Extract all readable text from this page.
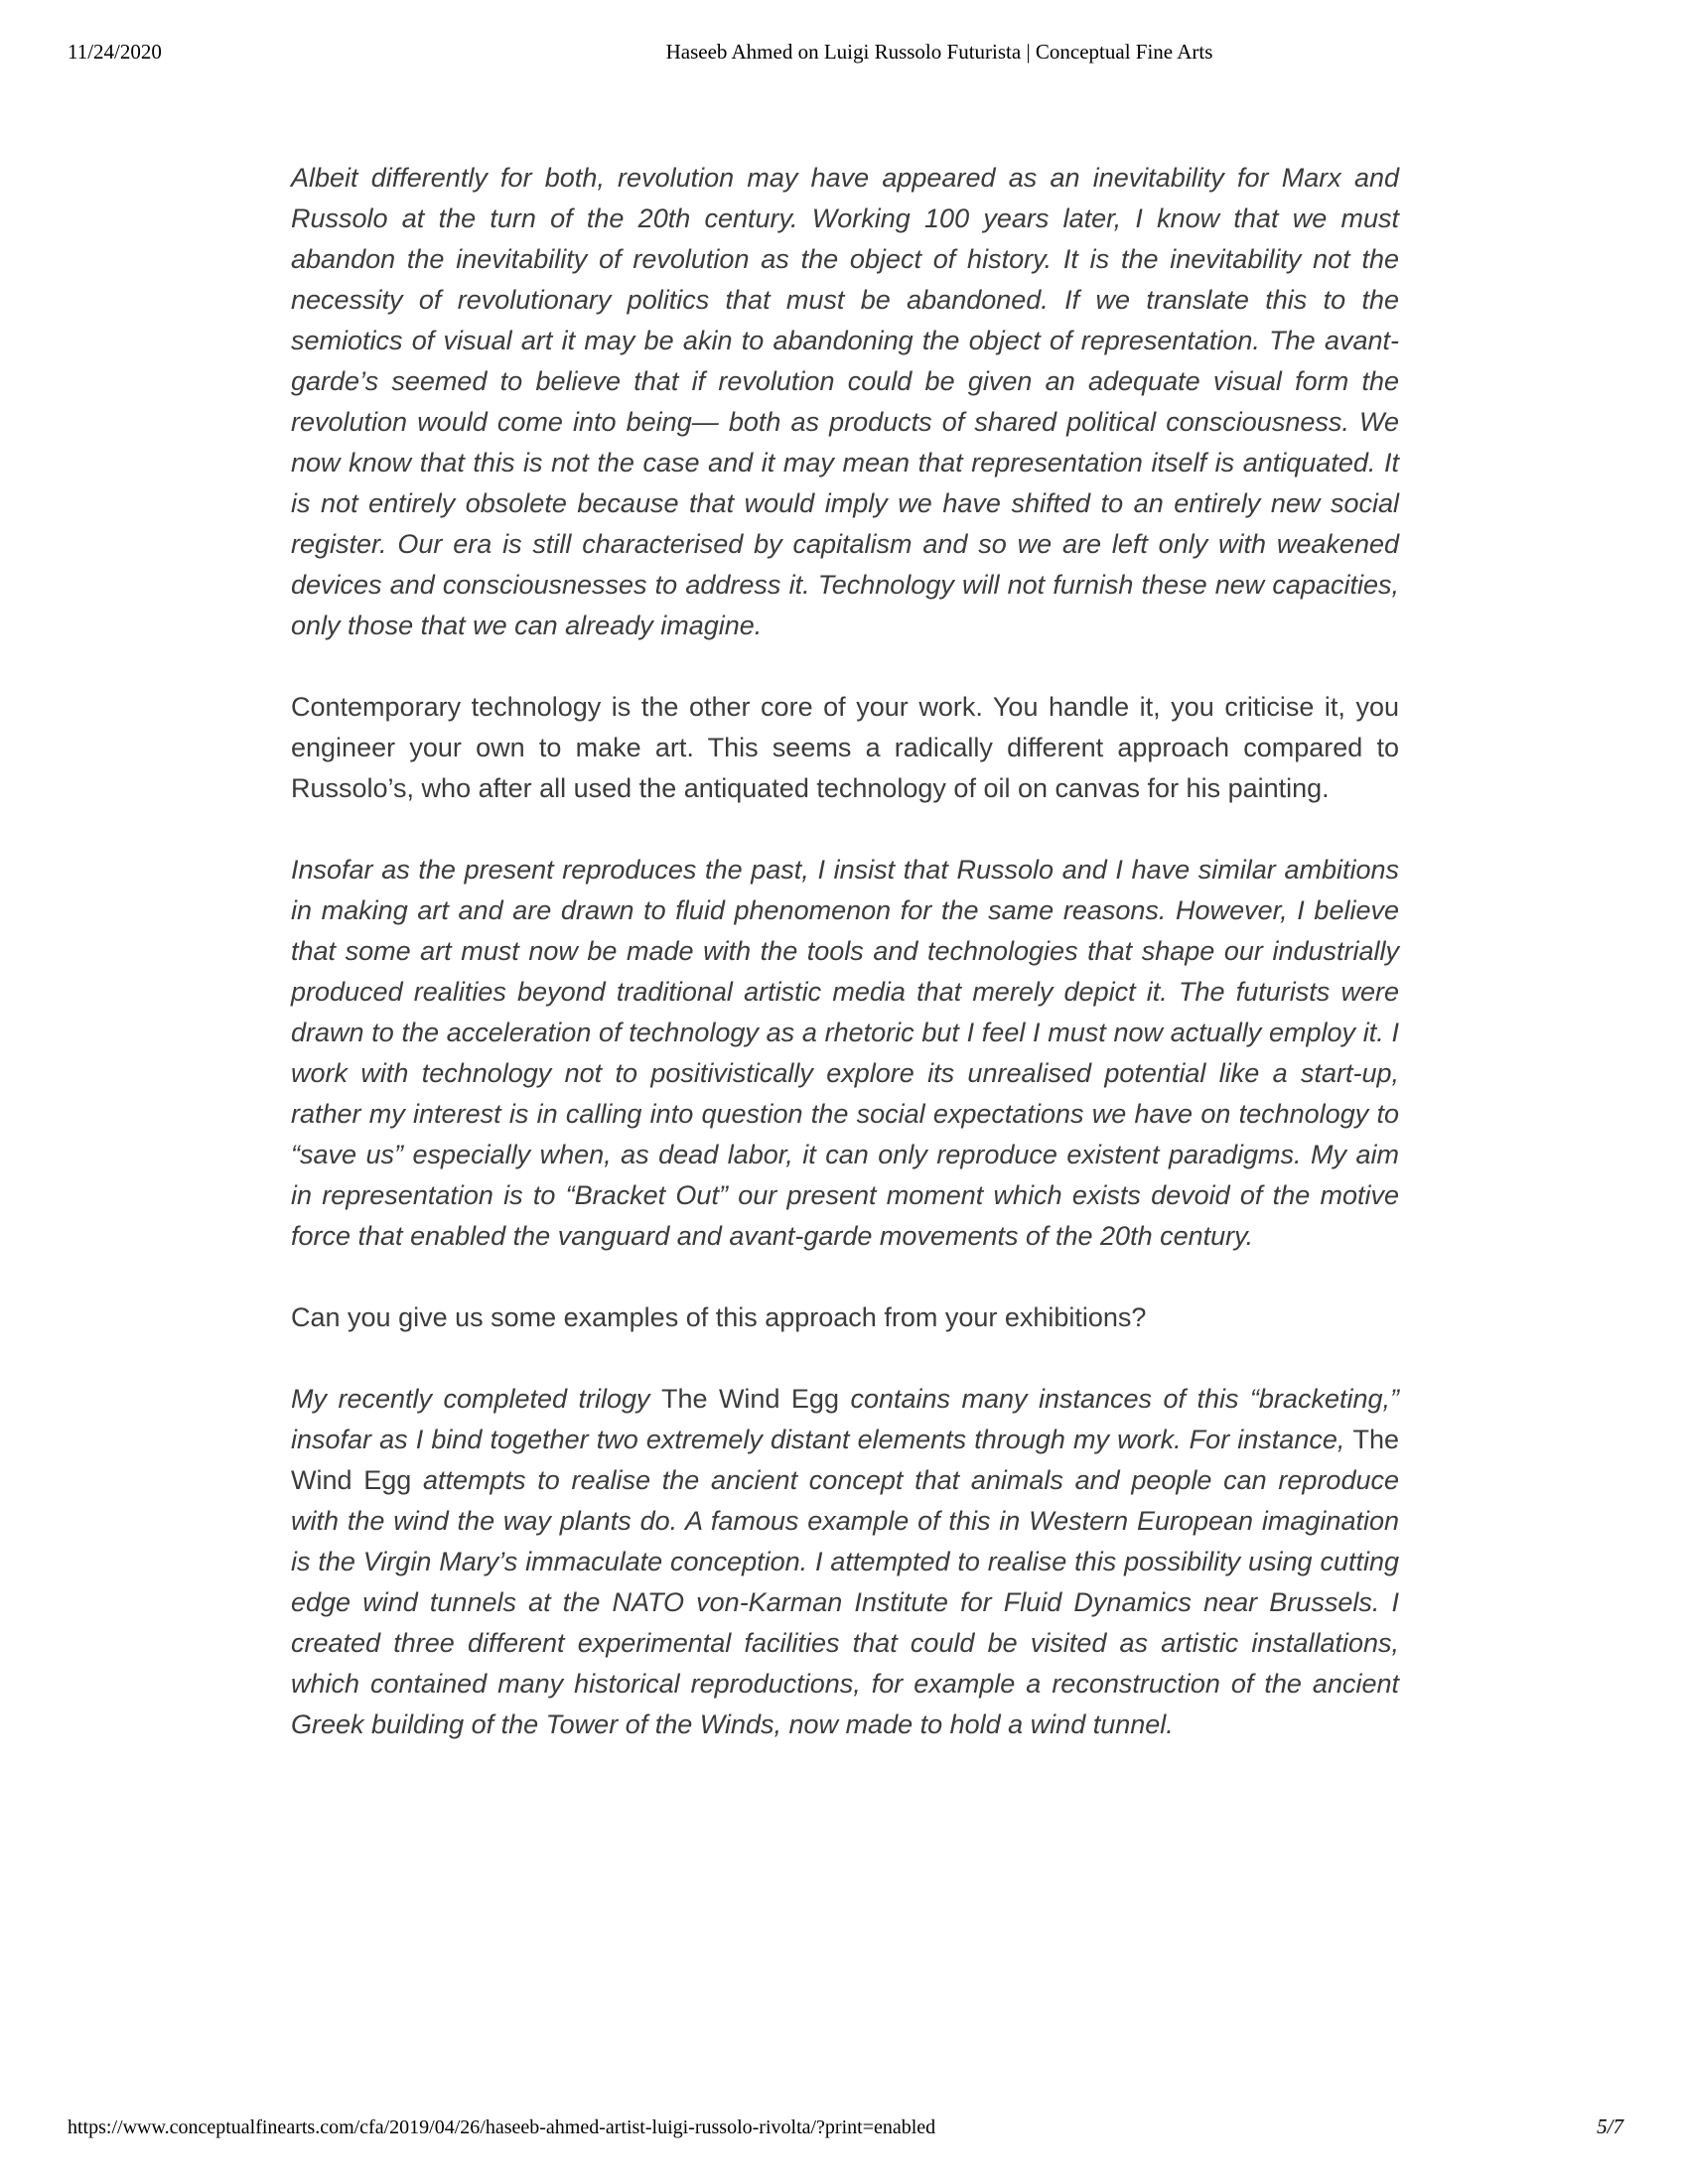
11/24/2020	Haseeb Ahmed on Luigi Russolo Futurista | Conceptual Fine Arts

Albeit differently for both, revolution may have appeared as an inevitability for Marx and Russolo at the turn of the 20th century. Working 100 years later, I know that we must abandon the inevitability of revolution as the object of history. It is the inevitability not the necessity of revolutionary politics that must be abandoned. If we translate this to the semiotics of visual art it may be akin to abandoning the object of representation. The avant-garde’s seemed to believe that if revolution could be given an adequate visual form the revolution would come into being— both as products of shared political consciousness. We now know that this is not the case and it may mean that representation itself is antiquated. It is not entirely obsolete because that would imply we have shifted to an entirely new social register. Our era is still characterised by capitalism and so we are left only with weakened devices and consciousnesses to address it. Technology will not furnish these new capacities, only those that we can already imagine.

Contemporary technology is the other core of your work. You handle it, you criticise it, you engineer your own to make art. This seems a radically different approach compared to Russolo’s, who after all used the antiquated technology of oil on canvas for his painting.

Insofar as the present reproduces the past, I insist that Russolo and I have similar ambitions in making art and are drawn to fluid phenomenon for the same reasons. However, I believe that some art must now be made with the tools and technologies that shape our industrially produced realities beyond traditional artistic media that merely depict it. The futurists were drawn to the acceleration of technology as a rhetoric but I feel I must now actually employ it. I work with technology not to positivistically explore its unrealised potential like a start-up, rather my interest is in calling into question the social expectations we have on technology to “save us” especially when, as dead labor, it can only reproduce existent paradigms. My aim in representation is to “Bracket Out” our present moment which exists devoid of the motive force that enabled the vanguard and avant-garde movements of the 20th century.

Can you give us some examples of this approach from your exhibitions?

My recently completed trilogy The Wind Egg contains many instances of this “bracketing,” insofar as I bind together two extremely distant elements through my work. For instance, The Wind Egg attempts to realise the ancient concept that animals and people can reproduce with the wind the way plants do. A famous example of this in Western European imagination is the Virgin Mary’s immaculate conception. I attempted to realise this possibility using cutting edge wind tunnels at the NATO von-Karman Institute for Fluid Dynamics near Brussels. I created three different experimental facilities that could be visited as artistic installations, which contained many historical reproductions, for example a reconstruction of the ancient Greek building of the Tower of the Winds, now made to hold a wind tunnel.

https://www.conceptualfinearts.com/cfa/2019/04/26/haseeb-ahmed-artist-luigi-russolo-rivolta/?print=enabled	5/7
